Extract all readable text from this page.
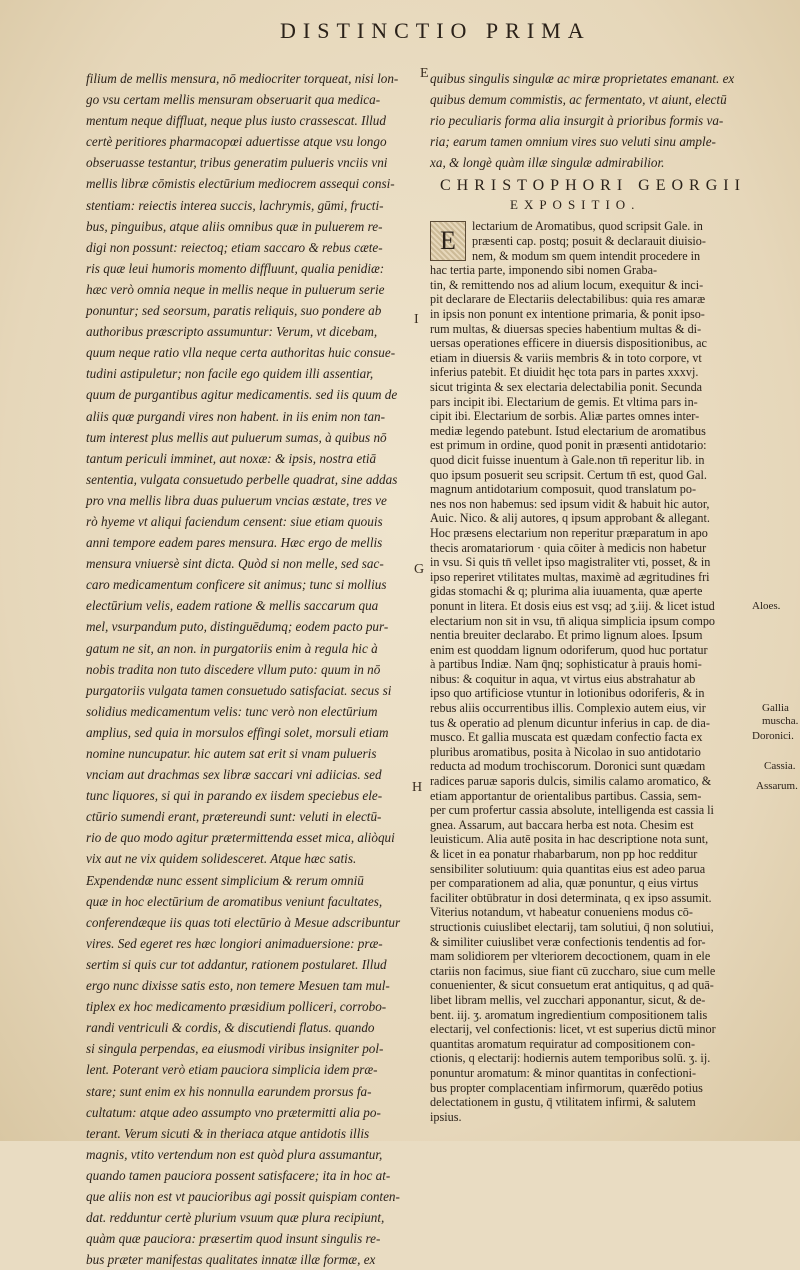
DISTINCTIO PRIMA
filium de mellis mensura, nō mediocriter torqueat, nisi lon-
go vsu certam mellis mensuram obseruarit qua medica-
mentum neque diffluat, neque plus iusto crassescat. Illud
certè peritiores pharmacopœi aduertisse atque vsu longo
obseruasse testantur, tribus generatim pulueris vnciis vni
mellis libræ cōmistis electūrium mediocrem assequi consi-
stentiam: reiectis interea succis, lachrymis, gūmi, fructi-
bus, pinguibus, atque aliis omnibus quæ in puluerem re-
digi non possunt: reiectoq; etiam saccaro & rebus cæte-
ris quæ leui humoris momento diffluunt, qualia penidiæ:
hæc verò omnia neque in mellis neque in puluerum serie
ponuntur; sed seorsum, paratis reliquis, suo pondere ab
authoribus præscripto assumuntur: Verum, vt dicebam,
quum neque ratio vlla neque certa authoritas huic consue-
tudini astipuletur; non facile ego quidem illi assentiar,
quum de purgantibus agitur medicamentis. sed iis quum de
aliis quæ purgandi vires non habent. in iis enim non tan-
tum interest plus mellis aut puluerum sumas, à quibus nō
tantum periculi imminet, aut noxæ: & ipsis, nostra etiā
sententia, vulgata consuetudo perbelle quadrat, sine addas
pro vna mellis libra duas puluerum vncias æstate, tres ve
rò hyeme vt aliqui faciendum censent: siue etiam quouis
anni tempore eadem pares mensura. Hæc ergo de mellis
mensura vniuersè sint dicta. Quòd si non melle, sed sac-
caro medicamentum conficere sit animus; tunc si mollius
electūrium velis, eadem ratione & mellis saccarum qua
mel, vsurpandum puto, distinguēdumq; eodem pacto pur-
gatum ne sit, an non. in purgatoriis enim à regula hic à
nobis tradita non tuto discedere vllum puto: quum in nō
purgatoriis vulgata tamen consuetudo satisfaciat. secus si
solidius medicamentum velis: tunc verò non electūrium
amplius, sed quia in morsulos effingi solet, morsuli etiam
nomine nuncupatur. hic autem sat erit si vnam pulueris
vnciam aut drachmas sex libræ saccari vni adiicias. sed
tunc liquores, si qui in parando ex iisdem speciebus ele-
ctūrio sumendi erant, prætereundi sunt: veluti in electū-
rio de quo modo agitur prætermittenda esset mica, aliòqui
vix aut ne vix quidem solidesceret. Atque hæc satis.
Expendendæ nunc essent simplicium & rerum omniū
quæ in hoc electūrium de aromatibus veniunt facultates,
conferendæque iis quas toti electūrio à Mesue adscribuntur
vires. Sed egeret res hæc longiori animaduersione: præ-
sertim si quis cur tot addantur, rationem postularet. Illud
ergo nunc dixisse satis esto, non temere Mesuen tam mul-
tiplex ex hoc medicamento præsidium polliceri, corrobo-
randi ventriculi & cordis, & discutiendi flatus. quando
si singula perpendas, ea eiusmodi viribus insigniter pol-
lent. Poterant verò etiam pauciora simplicia idem præ-
stare; sunt enim ex his nonnulla earundem prorsus fa-
cultatum: atque adeo assumpto vno prætermitti alia po-
terant. Verum sicuti & in theriaca atque antidotis illis
magnis, vtito vertendum non est quòd plura assumantur,
quando tamen pauciora possent satisfacere; ita in hoc at-
que aliis non est vt paucioribus agi possit quispiam conten-
dat. redduntur certè plurium vsuum quæ plura recipiunt,
quàm quæ pauciora: præsertim quod insunt singulis re-
bus præter manifestas qualitates innatæ illæ formæ, ex
quibus singulis singulæ ac miræ proprietates emanant. ex
quibus demum commistis, ac fermentato, vt aiunt, electū
rio peculiaris forma alia insurgit à prioribus formis va-
ria; earum tamen omnium vires suo veluti sinu ample-
xa, & longè quàm illæ singulæ admirabilior.
CHRISTOPHORI GEORGII
EXPOSITIO.
E	lectarium de Aromatibus, quod scripsit Gale. in
præsenti cap. postq; posuit & declarauit diuisio-
nem, & modum sm quem intendit procedere in
hac tertia parte, imponendo sibi nomen Graba-
tin, & remittendo nos ad alium locum, exequitur & inci-
pit declarare de Electariis delectabilibus: quia res amaræ
in ipsis non ponunt ex intentione primaria, & ponit ipso-
rum multas, & diuersas species habentium multas & di-
uersas operationes efficere in diuersis dispositionibus, ac
etiam in diuersis & variis membris & in toto corpore, vt
inferius patebit. Et diuidit hęc tota pars in partes xxxvj.
sicut triginta & sex electaria delectabilia ponit. Secunda
pars incipit ibi. Electarium de gemis. Et vltima pars in-
cipit ibi. Electarium de sorbis. Aliæ partes omnes inter-
mediæ legendo patebunt. Istud electarium de aromatibus
est primum in ordine, quod ponit in præsenti antidotario:
quod dicit fuisse inuentum à Gale.non tn̄ reperitur lib. in
quo ipsum posuerit seu scripsit. Certum tn̄ est, quod Gal.
magnum antidotarium composuit, quod translatum po-
nes nos non habemus: sed ipsum vidit & habuit hic autor,
Auic. Nico. & alij autores, q ipsum approbant & allegant.
Hoc præsens electarium non reperitur præparatum in apo
thecis aromatariorum · quia cōiter à medicis non habetur
in vsu. Si quis tn̄ vellet ipso magistraliter vti, posset, & in
ipso reperiret vtilitates multas, maximè ad ægritudines fri
gidas stomachi & q; plurima alia iuuamenta, quæ aperte
ponunt in litera. Et dosis eius est vsq; ad ʒ.iij. & licet istud
electarium non sit in vsu, tn̄ aliqua simplicia ipsum compo
nentia breuiter declarabo. Et primo lignum aloes. Ipsum
enim est quoddam lignum odoriferum, quod huc portatur
à partibus Indiæ. Nam q̄nq; sophisticatur à prauis homi-
nibus: & coquitur in aqua, vt virtus eius abstrahatur ab
ipso quo artificiose vtuntur in lotionibus odoriferis, & in
rebus aliis occurrentibus illis. Complexio autem eius, vir
tus & operatio ad plenum dicuntur inferius in cap. de dia-
musco. Et gallia muscata est quædam confectio facta ex
pluribus aromatibus, posita à Nicolao in suo antidotario
reducta ad modum trochiscorum. Doronici sunt quædam
radices paruæ saporis dulcis, similis calamo aromatico, &
etiam apportantur de orientalibus partibus. Cassia, sem-
per cum profertur cassia absolute, intelligenda est cassia li
gnea. Assarum, aut baccara herba est nota. Chesim est
leuisticum. Alia autē posita in hac descriptione nota sunt,
& licet in ea ponatur rhabarbarum, non pp hoc redditur
sensibiliter solutiuum: quia quantitas eius est adeo parua
per comparationem ad alia, quæ ponuntur, q eius virtus
faciliter obtūbratur in dosi determinata, q ex ipso assumit.
Viterius notandum, vt habeatur conueniens modus cō-
structionis cuiuslibet electarij, tam solutiui, q̄ non solutiui,
& similiter cuiuslibet veræ confectionis tendentis ad for-
mam solidiorem per vlteriorem decoctionem, quam in ele
ctariis non facimus, siue fiant cū zuccharo, siue cum melle
conuenienter, & sicut consuetum erat antiquitus, q ad quā-
libet libram mellis, vel zucchari apponantur, sicut, & de-
bent. iij. ʒ. aromatum ingredientium compositionem talis
electarij, vel confectionis: licet, vt est superius dictū minor
quantitas aromatum requiratur ad compositionem con-
ctionis, q electarij: hodiernis autem temporibus solū. ʒ. ij.
ponuntur aromatum: & minor quantitas in confectioni-
bus propter complacentiam infirmorum, quærēdo potius
delectationem in gustu, q̄ vtilitatem infirmi, & salutem
ipsius.
E
I
G
H
Aloes.
Gallia muscha.
Doronici.
Cassia.
Assarum.
